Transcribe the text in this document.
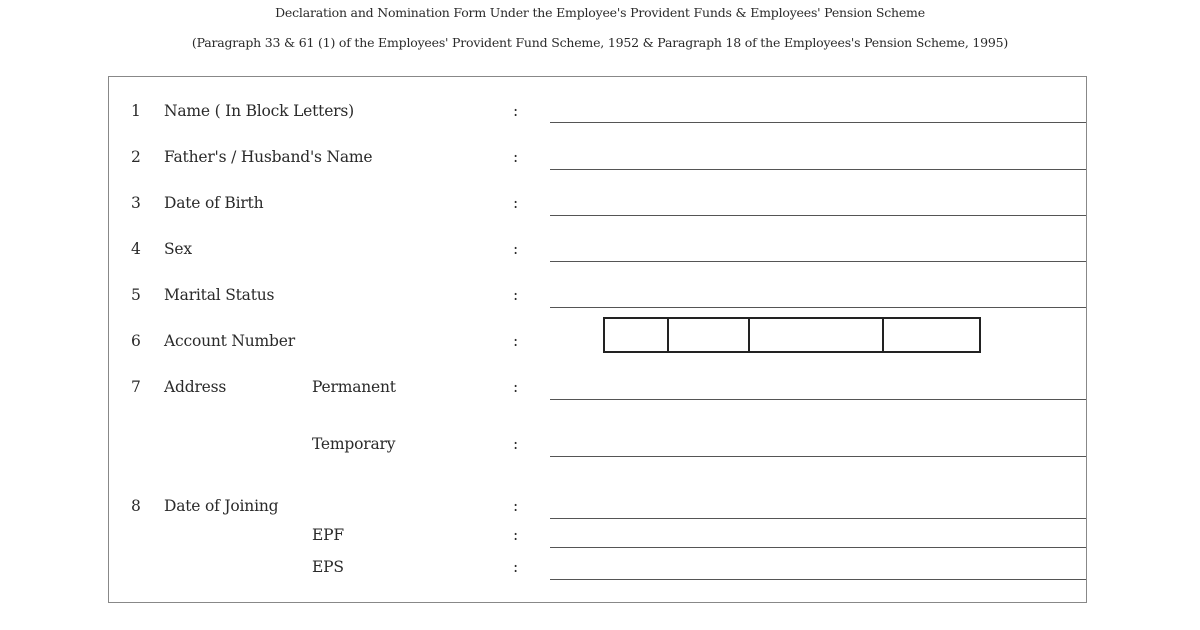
Declaration and Nomination Form Under the Employee's Provident Funds & Employees' Pension Scheme
(Paragraph 33 & 61 (1) of the Employees' Provident Fund Scheme, 1952 & Paragraph 18 of the Employees's Pension Scheme, 1995)
1 Name ( In Block Letters)	:
2 Father's / Husband's Name	:
3 Date of Birth	:
4 Sex	:
5 Marital Status	:
6 Account Number	:
7 Address	Permanent	:
Temporary	:
8 Date of Joining	:
EPF	:
EPS	:
